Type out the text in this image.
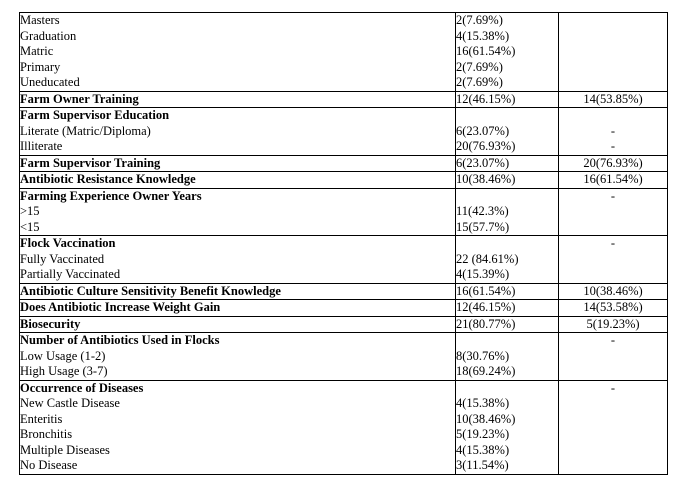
Masters	2(7.69%)	
Graduation	4(15.38%)	
Matric	16(61.54%)	
Primary	2(7.69%)	
Uneducated	2(7.69%)	
Farm Owner Training	12(46.15%)	14(53.85%)
Farm Supervisor Education		
Literate (Matric/Diploma)	6(23.07%)	-
Illiterate	20(76.93%)	-
Farm Supervisor Training	6(23.07%)	20(76.93%)
Antibiotic Resistance Knowledge	10(38.46%)	16(61.54%)
Farming Experience Owner Years		-
>15	11(42.3%)	
<15	15(57.7%)	
Flock Vaccination		-
Fully Vaccinated	22 (84.61%)	
Partially Vaccinated	4(15.39%)	
Antibiotic Culture Sensitivity Benefit Knowledge	16(61.54%)	10(38.46%)
Does Antibiotic Increase Weight Gain	12(46.15%)	14(53.58%)
Biosecurity	21(80.77%)	5(19.23%)
Number of Antibiotics Used in Flocks		-
Low Usage (1-2)	8(30.76%)	
High Usage (3-7)	18(69.24%)	
Occurrence of Diseases		-
New Castle Disease	4(15.38%)	
Enteritis	10(38.46%)	
Bronchitis	5(19.23%)	
Multiple Diseases	4(15.38%)	
No Disease	3(11.54%)	
